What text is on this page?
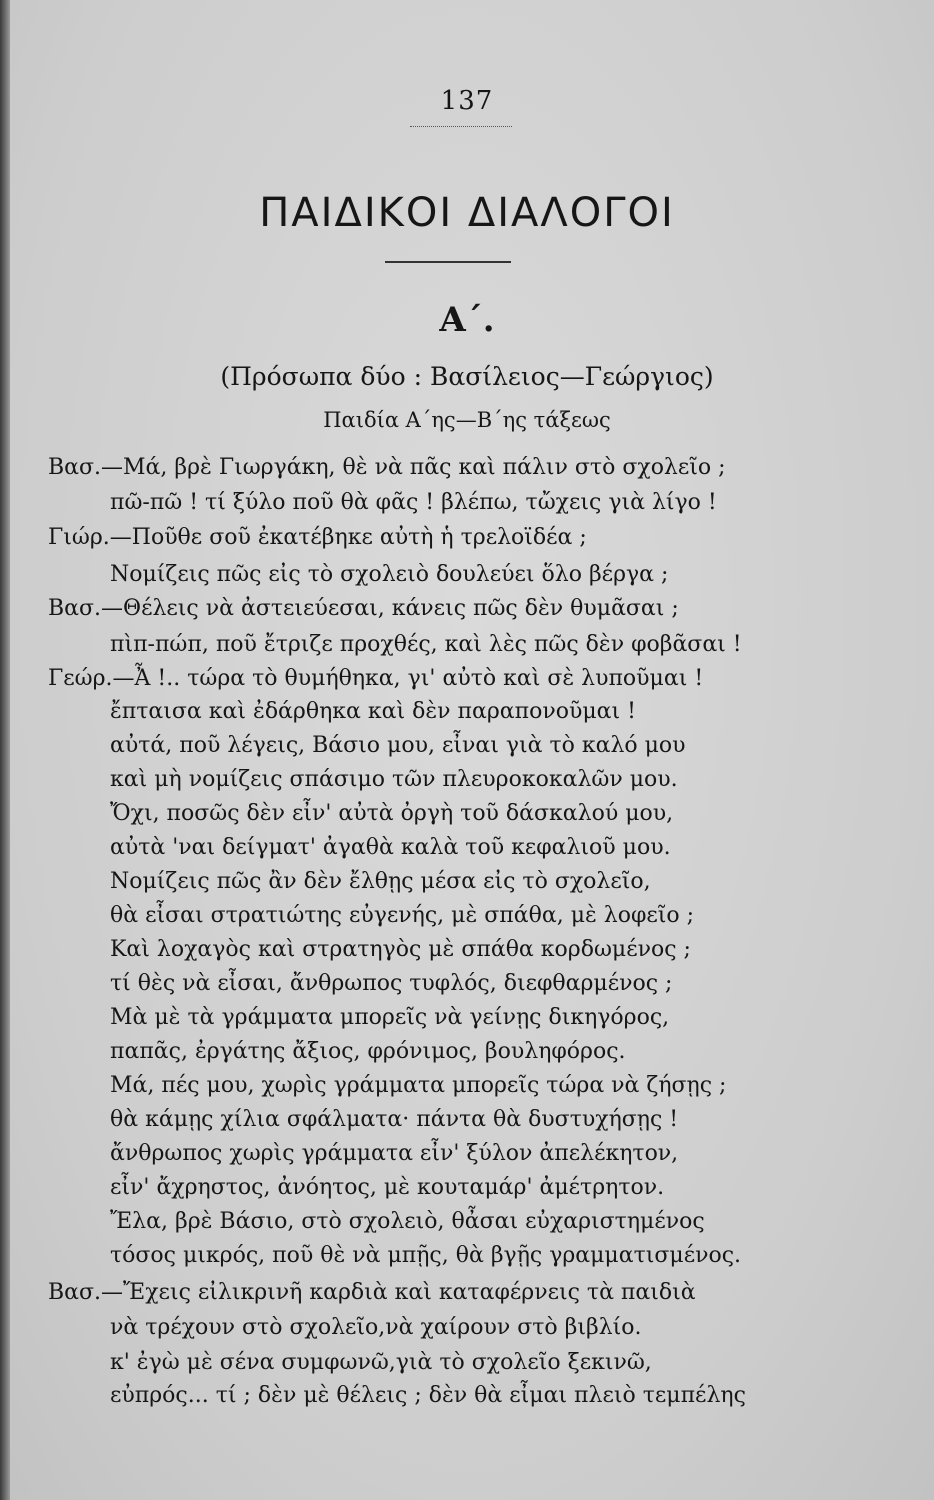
137
ΠΑΙΔΙΚΟΙ ΔΙΑΛΟΓΟΙ
Α΄.
(Πρόσωπα δύο : Βασίλειος—Γεώργιος)
Παιδία Α΄ης—Β΄ης τάξεως
Βασ.—Μά, βρὲ Γιωργάκη, θὲ νὰ πᾶς καὶ πάλιν στὸ σχολεῖο ;
πῶ-πῶ ! τί ξύλο ποῦ θὰ φᾶς ! βλέπω, τὤχεις γιὰ λίγο !
Γιώρ.—Ποῦθε σοῦ ἐκατέβηκε αὐτὴ ἡ τρελοϊδέα ;
Νομίζεις πῶς εἰς τὸ σχολειὸ δουλεύει ὅλο βέργα ;
Βασ.—Θέλεις νὰ ἀστειεύεσαι, κάνεις πῶς δὲν θυμᾶσαι ;
πὶπ-πώπ, ποῦ ἔτριζε προχθές, καὶ λὲς πῶς δὲν φοβᾶσαι !
Γεώρ.—Ἆ !.. τώρα τὸ θυμήθηκα, γι' αὐτὸ καὶ σὲ λυποῦμαι !
ἔπταισα καὶ ἐδάρθηκα καὶ δὲν παραπονοῦμαι !
αὐτά, ποῦ λέγεις, Βάσιο μου, εἶναι γιὰ τὸ καλό μου
καὶ μὴ νομίζεις σπάσιμο τῶν πλευροκοκαλῶν μου.
Ὄχι, ποσῶς δὲν εἶν' αὐτὰ ὀργὴ τοῦ δάσκαλού μου,
αὐτὰ 'ναι δείγματ' ἀγαθὰ καλὰ τοῦ κεφαλιοῦ μου.
Νομίζεις πῶς ἂν δὲν ἔλθῃς μέσα εἰς τὸ σχολεῖο,
θὰ εἶσαι στρατιώτης εὐγενής, μὲ σπάθα, μὲ λοφεῖο ;
Καὶ λοχαγὸς καὶ στρατηγὸς μὲ σπάθα κορδωμένος ;
τί θὲς νὰ εἶσαι, ἄνθρωπος τυφλός, διεφθαρμένος ;
Μὰ μὲ τὰ γράμματα μπορεῖς νὰ γείνῃς δικηγόρος,
παπᾶς, ἐργάτης ἄξιος, φρόνιμος, βουληφόρος.
Μά, πές μου, χωρὶς γράμματα μπορεῖς τώρα νὰ ζήσῃς ;
θὰ κάμῃς χίλια σφάλματα· πάντα θὰ δυστυχήσῃς !
ἄνθρωπος χωρὶς γράμματα εἶν' ξύλον ἀπελέκητον,
εἶν' ἄχρηστος, ἀνόητος, μὲ κουταμάρ' ἀμέτρητον.
Ἔλα, βρὲ Βάσιο, στὸ σχολειὸ, θἆσαι εὐχαριστημένος
τόσος μικρός, ποῦ θὲ νὰ μπῇς, θὰ βγῇς γραμματισμένος.
Βασ.—Ἔχεις εἰλικρινῆ καρδιὰ καὶ καταφέρνεις τὰ παιδιὰ
νὰ τρέχουν στὸ σχολεῖο,νὰ χαίρουν στὸ βιβλίο.
κ' ἐγὼ μὲ σένα συμφωνῶ,γιὰ τὸ σχολεῖο ξεκινῶ,
εὐπρός... τί ; δὲν μὲ θέλεις ; δὲν θὰ εἶμαι πλειὸ τεμπέλης
